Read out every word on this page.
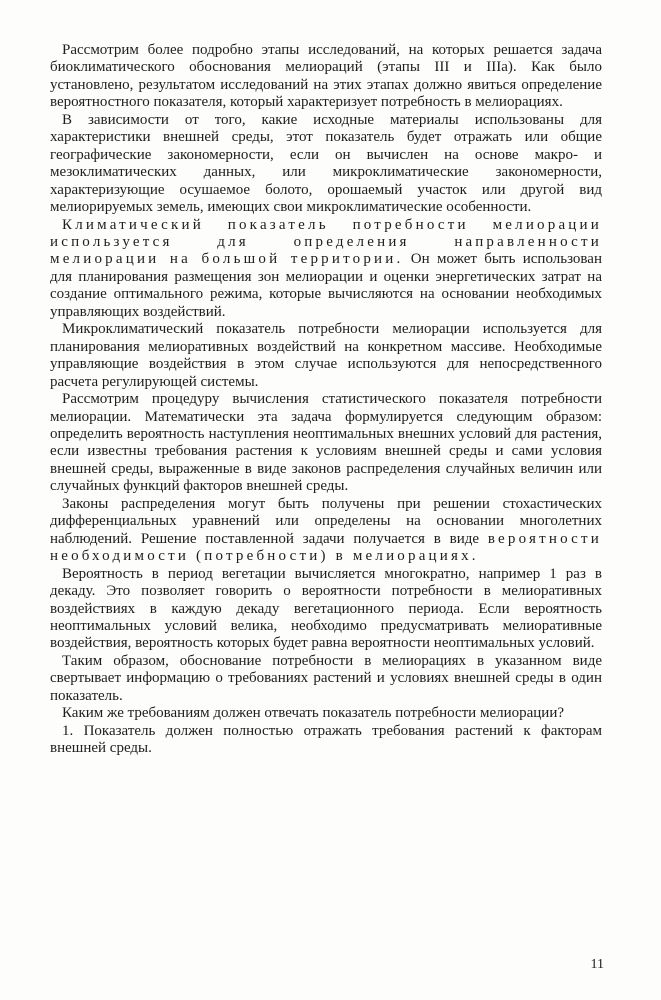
Рассмотрим более подробно этапы исследований, на которых решается задача биоклиматического обоснования мелиораций (этапы III и IIIа). Как было установлено, результатом исследований на этих этапах должно явиться определение вероятностного показателя, который характеризует потребность в мелиорациях.

В зависимости от того, какие исходные материалы использованы для характеристики внешней среды, этот показатель будет отражать или общие географические закономерности, если он вычислен на основе макро- и мезоклиматических данных, или микроклиматические закономерности, характеризующие осушаемое болото, орошаемый участок или другой вид мелиорируемых земель, имеющих свои микроклиматические особенности.

Климатический показатель потребности мелиорации используется для определения направленности мелиорации на большой территории. Он может быть использован для планирования размещения зон мелиорации и оценки энергетических затрат на создание оптимального режима, которые вычисляются на основании необходимых управляющих воздействий.

Микроклиматический показатель потребности мелиорации используется для планирования мелиоративных воздействий на конкретном массиве. Необходимые управляющие воздействия в этом случае используются для непосредственного расчета регулирующей системы.

Рассмотрим процедуру вычисления статистического показателя потребности мелиорации. Математически эта задача формулируется следующим образом: определить вероятность наступления неоптимальных внешних условий для растения, если известны требования растения к условиям внешней среды и сами условия внешней среды, выраженные в виде законов распределения случайных величин или случайных функций факторов внешней среды.

Законы распределения могут быть получены при решении стохастических дифференциальных уравнений или определены на основании многолетних наблюдений. Решение поставленной задачи получается в виде вероятности необходимости (потребности) в мелиорациях.

Вероятность в период вегетации вычисляется многократно, например 1 раз в декаду. Это позволяет говорить о вероятности потребности в мелиоративных воздействиях в каждую декаду вегетационного периода. Если вероятность неоптимальных условий велика, необходимо предусматривать мелиоративные воздействия, вероятность которых будет равна вероятности неоптимальных условий.

Таким образом, обоснование потребности в мелиорациях в указанном виде свертывает информацию о требованиях растений и условиях внешней среды в один показатель.

Каким же требованиям должен отвечать показатель потребности мелиорации?

1. Показатель должен полностью отражать требования растений к факторам внешней среды.

11
